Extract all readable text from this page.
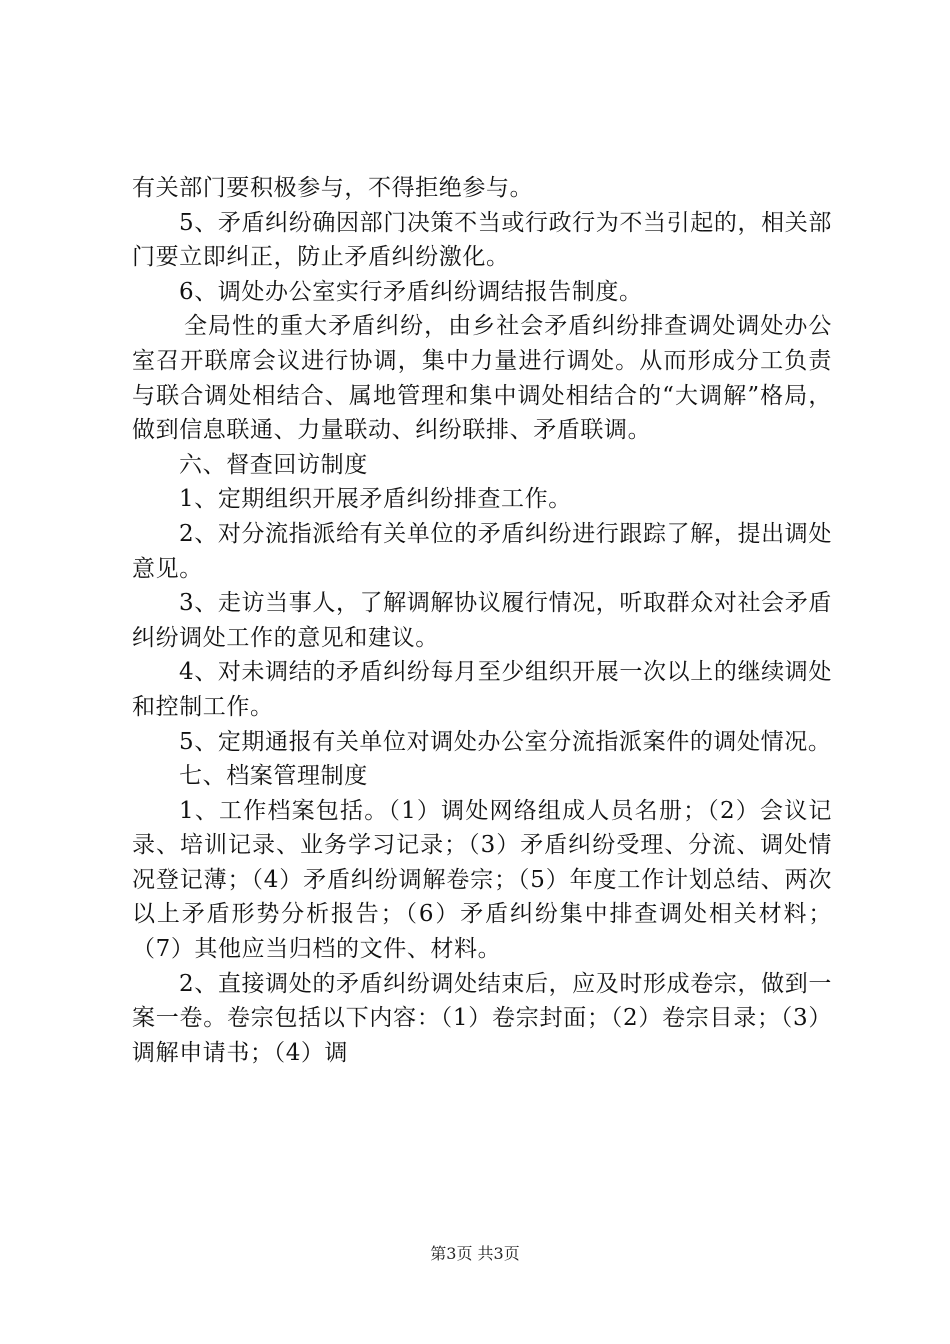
有关部门要积极参与，不得拒绝参与。

5、矛盾纠纷确因部门决策不当或行政行为不当引起的，相关部门要立即纠正，防止矛盾纠纷激化。

6、调处办公室实行矛盾纠纷调结报告制度。

全局性的重大矛盾纠纷，由乡社会矛盾纠纷排查调处调处办公室召开联席会议进行协调，集中力量进行调处。从而形成分工负责与联合调处相结合、属地管理和集中调处相结合的“大调解”格局，做到信息联通、力量联动、纠纷联排、矛盾联调。

六、督查回访制度

1、定期组织开展矛盾纠纷排查工作。

2、对分流指派给有关单位的矛盾纠纷进行跟踪了解，提出调处意见。

3、走访当事人，了解调解协议履行情况，听取群众对社会矛盾纠纷调处工作的意见和建议。

4、对未调结的矛盾纠纷每月至少组织开展一次以上的继续调处和控制工作。

5、定期通报有关单位对调处办公室分流指派案件的调处情况。

七、档案管理制度

1、工作档案包括。（1）调处网络组成人员名册；（2）会议记录、培训记录、业务学习记录；（3）矛盾纠纷受理、分流、调处情况登记薄；（4）矛盾纠纷调解卷宗；（5）年度工作计划总结、两次以上矛盾形势分析报告；（6）矛盾纠纷集中排查调处相关材料；（7）其他应当归档的文件、材料。

2、直接调处的矛盾纠纷调处结束后，应及时形成卷宗，做到一案一卷。卷宗包括以下内容：（1）卷宗封面；（2）卷宗目录；（3）调解申请书；（4）调

第3页 共3页
